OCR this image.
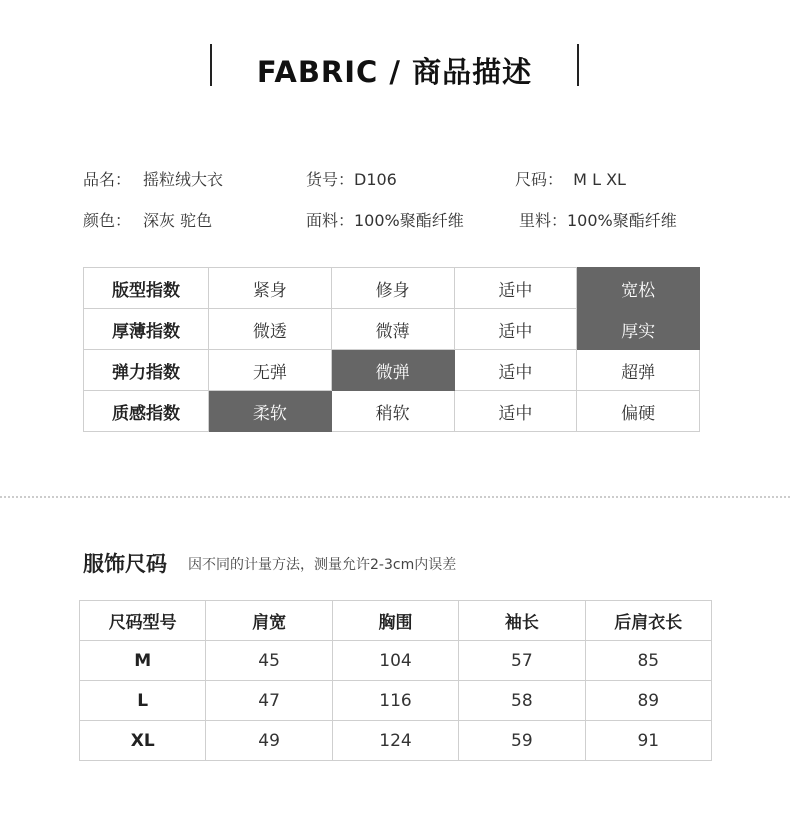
FABRIC / 商品描述
品名： 摇粒绒大衣	货号：D106	尺码：  M L XL
颜色： 深灰 驼色	面料：100%聚酯纤维	里料：100%聚酯纤维
版型指数	紧身	修身	适中	宽松
厚薄指数	微透	微薄	适中	厚实
弹力指数	无弹	微弹	适中	超弹
质感指数	柔软	稍软	适中	偏硬
服饰尺码 因不同的计量方法，测量允许2-3cm内误差
尺码型号	肩宽	胸围	袖长	后肩衣长
M	45	104	57	85
L	47	116	58	89
XL	49	124	59	91
